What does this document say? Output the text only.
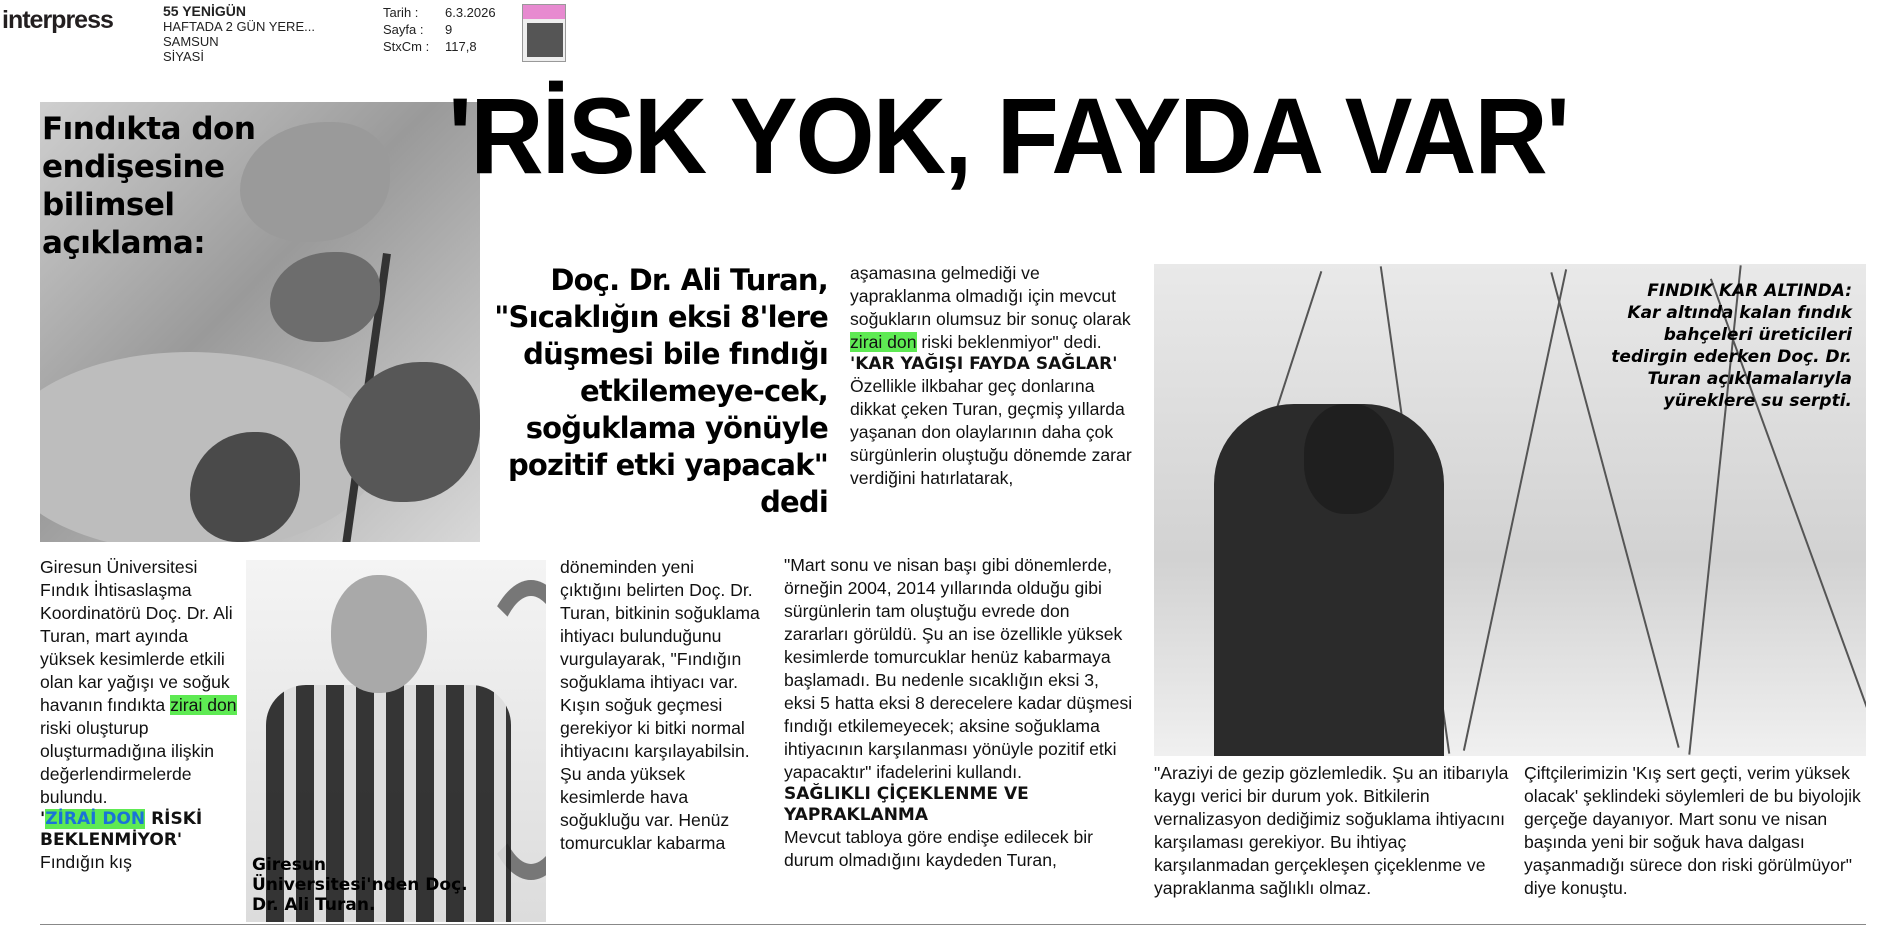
interpress	55 YENİGÜN
HAFTADA 2 GÜN YERE...
SAMSUN
SİYASİ
Tarih :	6.3.2026
Sayfa :	9
StxCm :	117,8
Fındıkta don endişesine bilimsel açıklama:
'RİSK YOK, FAYDA VAR'
Doç. Dr. Ali Turan, "Sıcaklığın eksi 8'lere düşmesi bile fındığı etkilemeye-cek, soğuklama yönüyle pozitif etki yapacak" dedi
FINDIK KAR ALTINDA: Kar altında kalan fındık bahçeleri üreticileri tedirgin ederken Doç. Dr. Turan açıklamalarıyla yüreklere su serpti.
Giresun Üniversitesi'nden Doç. Dr. Ali Turan.

Giresun Üniversitesi Fındık İhtisaslaşma Koordinatörü Doç. Dr. Ali Turan, mart ayında yüksek kesimlerde etkili olan kar yağışı ve soğuk havanın fındıkta zirai don riski oluşturup oluşturmadığına ilişkin değerlendirmelerde bulundu.

'ZİRAİ DON RİSKİ BEKLENMİYOR'

Fındığın kış

döneminden yeni çıktığını belirten Doç. Dr. Turan, bitkinin soğuklama ihtiyacı bulunduğunu vurgulayarak, "Fındığın soğuklama ihtiyacı var. Kışın soğuk geçmesi gerekiyor ki bitki normal ihtiyacını karşılayabilsin. Şu anda yüksek kesimlerde hava soğukluğu var. Henüz tomurcuklar kabarma

aşamasına gelmediği ve yapraklanma olmadığı için mevcut soğukların olumsuz bir sonuç olarak zirai don riski beklenmiyor" dedi.

'KAR YAĞIŞI FAYDA SAĞLAR'

Özellikle ilkbahar geç donlarına dikkat çeken Turan, geçmiş yıllarda yaşanan don olaylarının daha çok sürgünlerin oluştuğu dönemde zarar verdiğini hatırlatarak,

"Mart sonu ve nisan başı gibi dönemlerde, örneğin 2004, 2014 yıllarında olduğu gibi sürgünlerin tam oluştuğu evrede don zararları görüldü. Şu an ise özellikle yüksek kesimlerde tomurcuklar henüz kabarmaya başlamadı. Bu nedenle sıcaklığın eksi 3, eksi 5 hatta eksi 8 derecelere kadar düşmesi fındığı etkilemeyecek; aksine soğuklama ihtiyacının karşılanması yönüyle pozitif etki yapacaktır" ifadelerini kullandı.

SAĞLIKLI ÇİÇEKLENME VE YAPRAKLANMA

Mevcut tabloya göre endişe edilecek bir durum olmadığını kaydeden Turan,

"Araziyi de gezip gözlemledik. Şu an itibarıyla kaygı verici bir durum yok. Bitkilerin vernalizasyon dediğimiz soğuklama ihtiyacını karşılaması gerekiyor. Bu ihtiyaç karşılanmadan gerçekleşen çiçeklenme ve yapraklanma sağlıklı olmaz.

Çiftçilerimizin 'Kış sert geçti, verim yüksek olacak' şeklindeki söylemleri de bu biyolojik gerçeğe dayanıyor. Mart sonu ve nisan başında yeni bir soğuk hava dalgası yaşanmadığı sürece don riski görülmüyor" diye konuştu.
